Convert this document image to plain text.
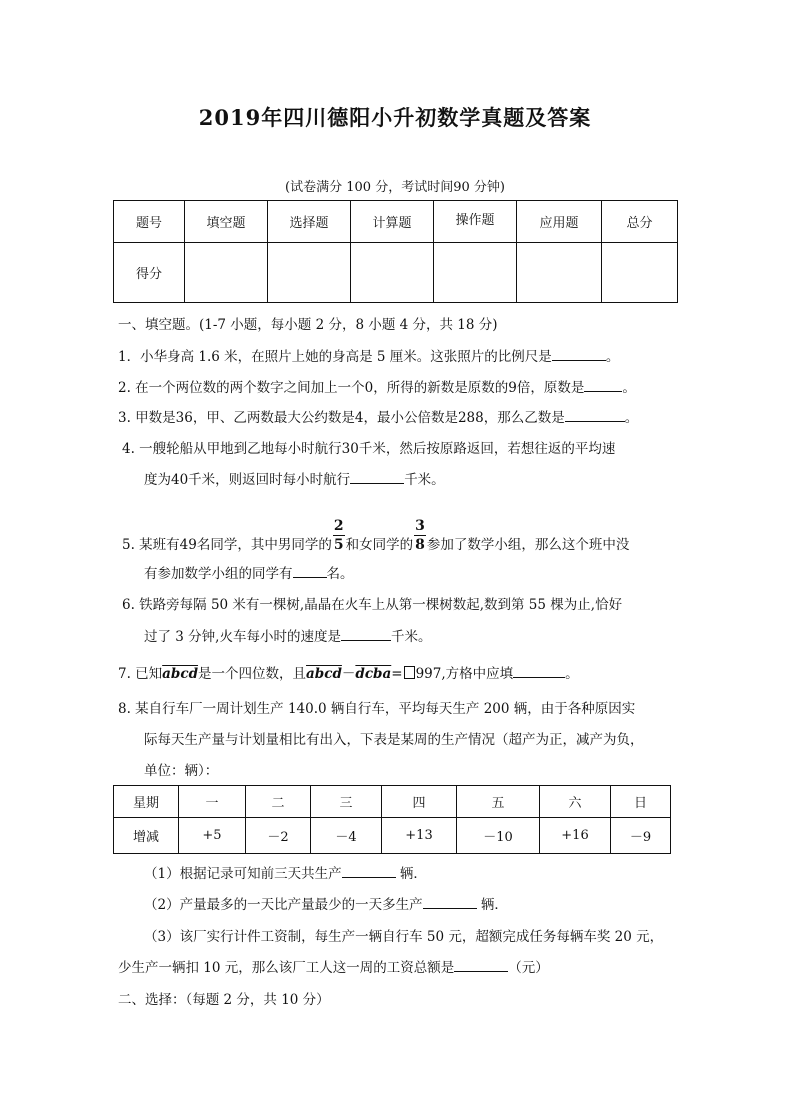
2019年四川德阳小升初数学真题及答案
(试卷满分 100 分，考试时间90 分钟)
题号	填空题	选择题	计算题	操作题	应用题	总分
得分						
一、填空题。(1-7 小题，每小题 2 分，8 小题 4 分，共 18 分)
1．小华身高 1.6 米，在照片上她的身高是 5 厘米。这张照片的比例尺是	。
2. 在一个两位数的两个数字之间加上一个0，所得的新数是原数的9倍，原数是	。
3. 甲数是36，甲、乙两数最大公约数是4，最小公倍数是288，那么乙数是	。
4. 一艘轮船从甲地到乙地每小时航行30千米，然后按原路返回，若想往返的平均速
度为40千米，则返回时每小时航行	千米。
5. 某班有49名同学，其中男同学的 $\frac{2}{5}$ 和女同学的 $\frac{3}{8}$ 参加了数学小组，那么这个班中没
有参加数学小组的同学有	名。
6. 铁路旁每隔 50 米有一棵树,晶晶在火车上从第一棵树数起,数到第 55 棵为止,恰好
过了 3 分钟,火车每小时的速度是	千米。
7. 已知abcd是一个四位数，且abcd－dcba= 997,方格中应填	。
8. 某自行车厂一周计划生产 140.0 辆自行车，平均每天生产 200 辆，由于各种原因实
际每天生产量与计划量相比有出入，下表是某周的生产情况（超产为正，减产为负，
单位：辆）：
星期	一	二	三	四	五	六	日
增减	+5	－2	－4	+13	－10	+16	－9
（1）根据记录可知前三天共生产	辆．
（2）产量最多的一天比产量最少的一天多生产	辆．
（3）该厂实行计件工资制，每生产一辆自行车 50 元，超额完成任务每辆车奖 20 元，
少生产一辆扣 10 元，那么该厂工人这一周的工资总额是	（元）
二、选择：（每题 2 分，共 10 分）
